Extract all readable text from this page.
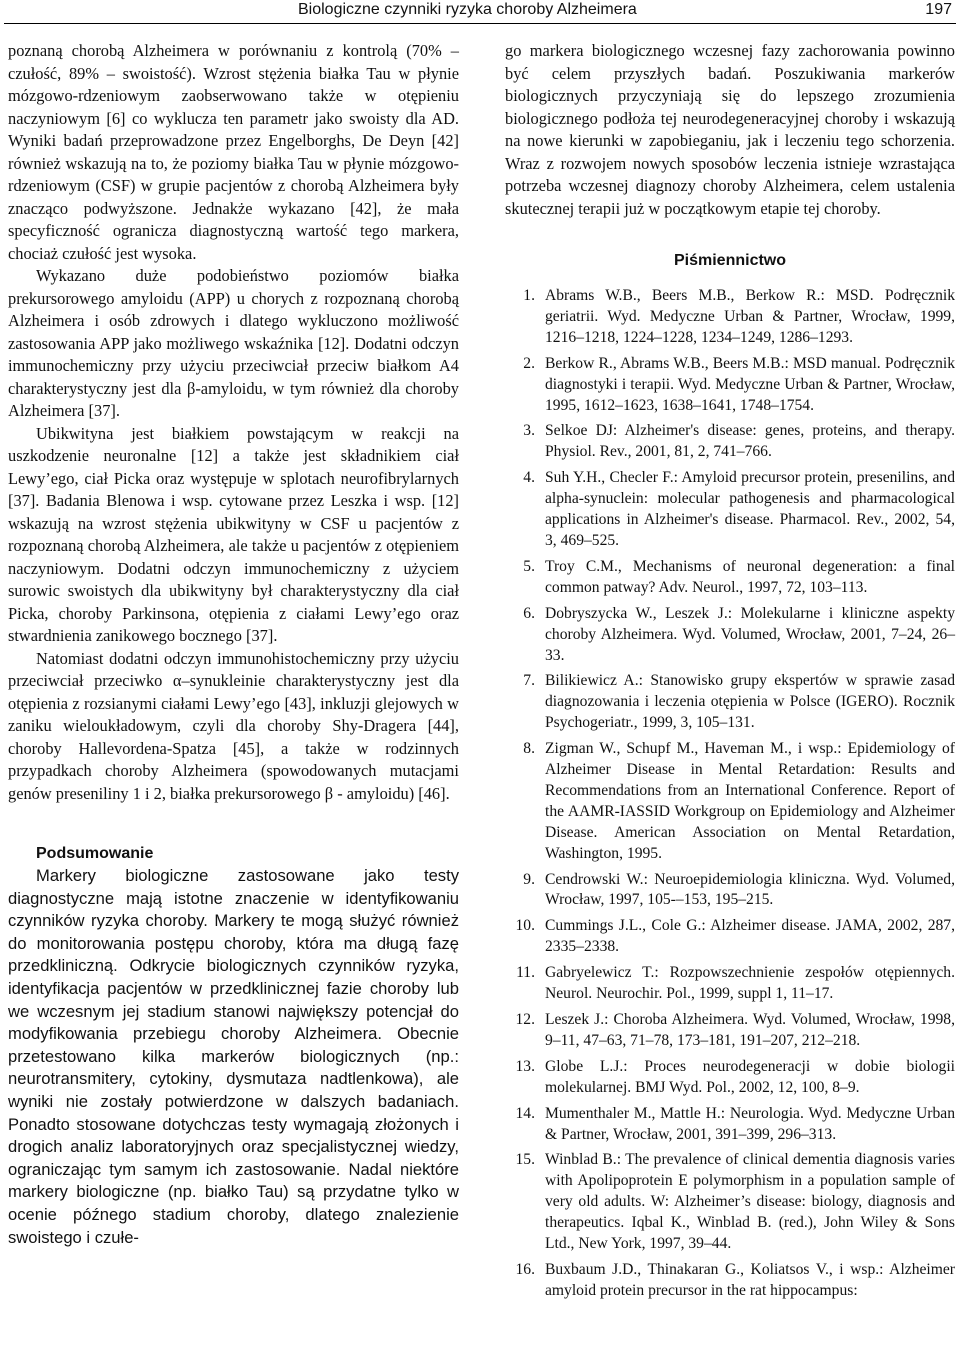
Biologiczne czynniki ryzyka choroby Alzheimera	197

poznaną chorobą Alzheimera w porównaniu z kontrolą (70% – czułość, 89% – swoistość). Wzrost stężenia białka Tau w płynie mózgowo-rdzeniowym zaobserwowano także w otępieniu naczyniowym [6] co wyklucza ten parametr jako swoisty dla AD. Wyniki badań przeprowadzone przez Engelborghs, De Deyn [42] również wskazują na to, że poziomy białka Tau w płynie mózgowo-rdzeniowym (CSF) w grupie pacjentów z chorobą Alzheimera były znacząco podwyższone. Jednakże wykazano [42], że mała specyficzność ogranicza diagnostyczną wartość tego markera, chociaż czułość jest wysoka.

Wykazano duże podobieństwo poziomów białka prekursorowego amyloidu (APP) u chorych z rozpoznaną chorobą Alzheimera i osób zdrowych i dlatego wykluczono możliwość zastosowania APP jako możliwego wskaźnika [12]. Dodatni odczyn immunochemiczny przy użyciu przeciwciał przeciw białkom A4 charakterystyczny jest dla β-amyloidu, w tym również dla choroby Alzheimera [37].

Ubikwityna jest białkiem powstającym w reakcji na uszkodzenie neuronalne [12] a także jest składnikiem ciał Lewy’ego, ciał Picka oraz występuje w splotach neurofibrylarnych [37]. Badania Blenowa i wsp. cytowane przez Leszka i wsp. [12] wskazują na wzrost stężenia ubikwityny w CSF u pacjentów z rozpoznaną chorobą Alzheimera, ale także u pacjentów z otępieniem naczyniowym. Dodatni odczyn immunochemiczny z użyciem surowic swoistych dla ubikwityny był charakterystyczny dla ciał Picka, choroby Parkinsona, otępienia z ciałami Lewy’ego oraz stwardnienia zanikowego bocznego [37].

Natomiast dodatni odczyn immunohistochemiczny przy użyciu przeciwciał przeciwko α–synukleinie charakterystyczny jest dla otępienia z rozsianymi ciałami Lewy’ego [43], inkluzji glejowych w zaniku wieloukładowym, czyli dla choroby Shy-Dragera [44], choroby Hallevordena-Spatza [45], a także w rodzinnych przypadkach choroby Alzheimera (spowodowanych mutacjami genów preseniliny 1 i 2, białka prekursorowego β - amyloidu) [46].

Podsumowanie

Markery biologiczne zastosowane jako testy diagnostyczne mają istotne znaczenie w identyfikowaniu czynników ryzyka choroby. Markery te mogą służyć również do monitorowania postępu choroby, która ma długą fazę przedkliniczną. Odkrycie biologicznych czynników ryzyka, identyfikacja pacjentów w przedklinicznej fazie choroby lub we wczesnym jej stadium stanowi największy potencjał do modyfikowania przebiegu choroby Alzheimera. Obecnie przetestowano kilka markerów biologicznych (np.: neurotransmitery, cytokiny, dysmutaza nadtlenkowa), ale wyniki nie zostały potwierdzone w dalszych badaniach. Ponadto stosowane dotychczas testy wymagają złożonych i drogich analiz laboratoryjnych oraz specjalistycznej wiedzy, ograniczając tym samym ich zastosowanie. Nadal niektóre markery biologiczne (np. białko Tau) są przydatne tylko w ocenie późnego stadium choroby, dlatego znalezienie swoistego i czułe-

go markera biologicznego wczesnej fazy zachorowania powinno być celem przyszłych badań. Poszukiwania markerów biologicznych przyczyniają się do lepszego zrozumienia biologicznego podłoża tej neurodegeneracyjnej choroby i wskazują na nowe kierunki w zapobieganiu, jak i leczeniu tego schorzenia. Wraz z rozwojem nowych sposobów leczenia istnieje wzrastająca potrzeba wczesnej diagnozy choroby Alzheimera, celem ustalenia skutecznej terapii już w początkowym etapie tej choroby.

Piśmiennictwo
1. Abrams W.B., Beers M.B., Berkow R.: MSD. Podręcznik geriatrii. Wyd. Medyczne Urban & Partner, Wrocław, 1999, 1216–1218, 1224–1228, 1234–1249, 1286–1293.
2. Berkow R., Abrams W.B., Beers M.B.: MSD manual. Podręcznik diagnostyki i terapii. Wyd. Medyczne Urban & Partner, Wrocław, 1995, 1612–1623, 1638–1641, 1748–1754.
3. Selkoe DJ: Alzheimer's disease: genes, proteins, and therapy. Physiol. Rev., 2001, 81, 2, 741–766.
4. Suh Y.H., Checler F.: Amyloid precursor protein, presenilins, and alpha-synuclein: molecular pathogenesis and pharmacological applications in Alzheimer's disease. Pharmacol. Rev., 2002, 54, 3, 469–525.
5. Troy C.M., Mechanisms of neuronal degeneration: a final common patway? Adv. Neurol., 1997, 72, 103–113.
6. Dobryszycka W., Leszek J.: Molekularne i kliniczne aspekty choroby Alzheimera. Wyd. Volumed, Wrocław, 2001, 7–24, 26–33.
7. Bilikiewicz A.: Stanowisko grupy ekspertów w sprawie zasad diagnozowania i leczenia otępienia w Polsce (IGERO). Rocznik Psychogeriatr., 1999, 3, 105–131.
8. Zigman W., Schupf M., Haveman M., i wsp.: Epidemiology of Alzheimer Disease in Mental Retardation: Results and Recommendations from an International Conference. Report of the AAMR-IASSID Workgroup on Epidemiology and Alzheimer Disease. American Association on Mental Retardation, Washington, 1995.
9. Cendrowski W.: Neuroepidemiologia kliniczna. Wyd. Volumed, Wrocław, 1997, 105-–153, 195–215.
10. Cummings J.L., Cole G.: Alzheimer disease. JAMA, 2002, 287, 2335–2338.
11. Gabryelewicz T.: Rozpowszechnienie zespołów otępiennych. Neurol. Neurochir. Pol., 1999, suppl 1, 11–17.
12. Leszek J.: Choroba Alzheimera. Wyd. Volumed, Wrocław, 1998, 9–11, 47–63, 71–78, 173–181, 191–207, 212–218.
13. Globe L.J.: Proces neurodegeneracji w dobie biologii molekularnej. BMJ Wyd. Pol., 2002, 12, 100, 8–9.
14. Mumenthaler M., Mattle H.: Neurologia. Wyd. Medyczne Urban & Partner, Wrocław, 2001, 391–399, 296–313.
15. Winblad B.: The prevalence of clinical dementia diagnosis varies with Apolipoprotein E polymorphism in a population sample of very old adults. W: Alzheimer’s disease: biology, diagnosis and therapeutics. Iqbal K., Winblad B. (red.), John Wiley & Sons Ltd., New York, 1997, 39–44.
16. Buxbaum J.D., Thinakaran G., Koliatsos V., i wsp.: Alzheimer amyloid protein precursor in the rat hippocampus:
